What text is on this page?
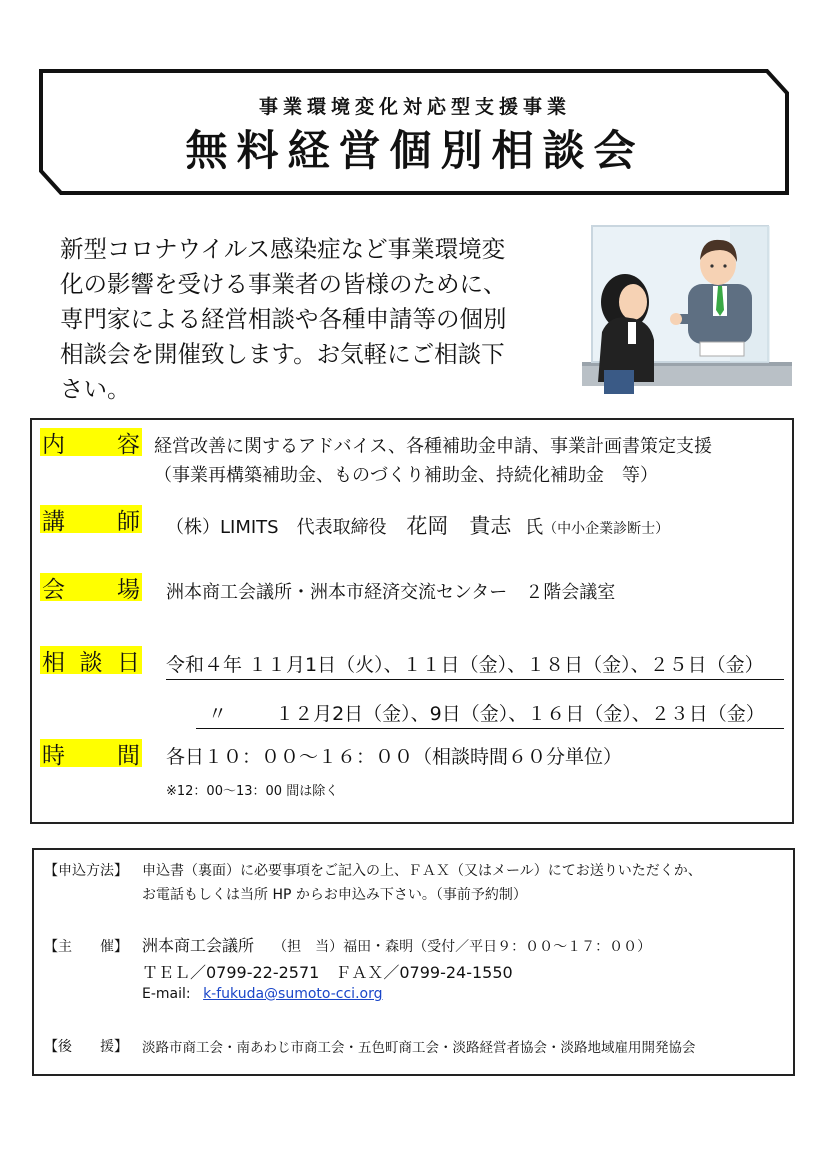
事業環境変化対応型支援事業
無料経営個別相談会
新型コロナウイルス感染症など事業環境変
化の影響を受ける事業者の皆様のために、
専門家による経営相談や各種申請等の個別
相談会を開催致します。お気軽にご相談下
さい。
内 容 経営改善に関するアドバイス、各種補助金申請、事業計画書策定支援
（事業再構築補助金、ものづくり補助金、持続化補助金　等）
講 師 （株）LIMITS　代表取締役 花岡　貴志 氏（中小企業診断士）
会 場 洲本商工会議所・洲本市経済交流センター　２階会議室
相 談 日 令和４年 １１月1日（火）、１１日（金）、１８日（金）、２５日（金）
〃	１２月2日（金）、9日（金）、１６日（金）、２３日（金）
時 間 各日１０：００～１６：００（相談時間６０分単位）
※12：00～13：00 間は除く
【申込方法】 申込書（裏面）に必要事項をご記入の上、ＦＡＸ（又はメール）にてお送りいただくか、
お電話もしくは当所 HP からお申込み下さい。（事前予約制）
【主　　催】 洲本商工会議所 （担　当）福田・森明（受付／平日９：００～１７：００）
ＴＥＬ／0799-22-2571　ＦＡＸ／0799-24-1550
E-mail: k-fukuda@sumoto-cci.org
【後　　援】 淡路市商工会・南あわじ市商工会・五色町商工会・淡路経営者協会・淡路地域雇用開発協会
